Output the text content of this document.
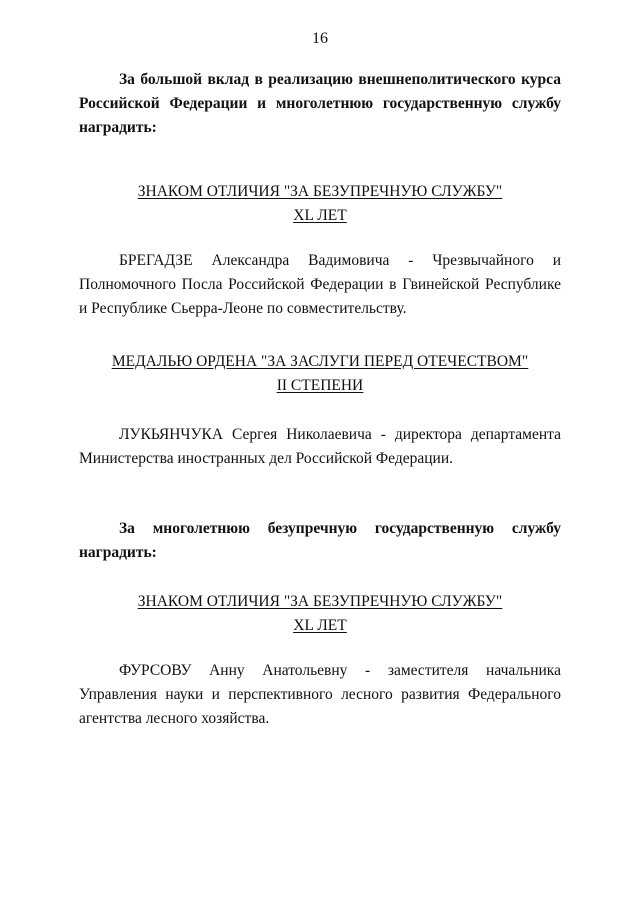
16
За большой вклад в реализацию внешнеполитического курса Российской Федерации и многолетнюю государственную службу наградить:
ЗНАКОМ ОТЛИЧИЯ "ЗА БЕЗУПРЕЧНУЮ СЛУЖБУ"
XL ЛЕТ
БРЕГАДЗЕ Александра Вадимовича - Чрезвычайного и Полномочного Посла Российской Федерации в Гвинейской Республике и Республике Сьерра-Леоне по совместительству.
МЕДАЛЬЮ ОРДЕНА "ЗА ЗАСЛУГИ ПЕРЕД ОТЕЧЕСТВОМ"
II СТЕПЕНИ
ЛУКЬЯНЧУКА Сергея Николаевича - директора департамента Министерства иностранных дел Российской Федерации.
За многолетнюю безупречную государственную службу наградить:
ЗНАКОМ ОТЛИЧИЯ "ЗА БЕЗУПРЕЧНУЮ СЛУЖБУ"
XL ЛЕТ
ФУРСОВУ Анну Анатольевну - заместителя начальника Управления науки и перспективного лесного развития Федерального агентства лесного хозяйства.
